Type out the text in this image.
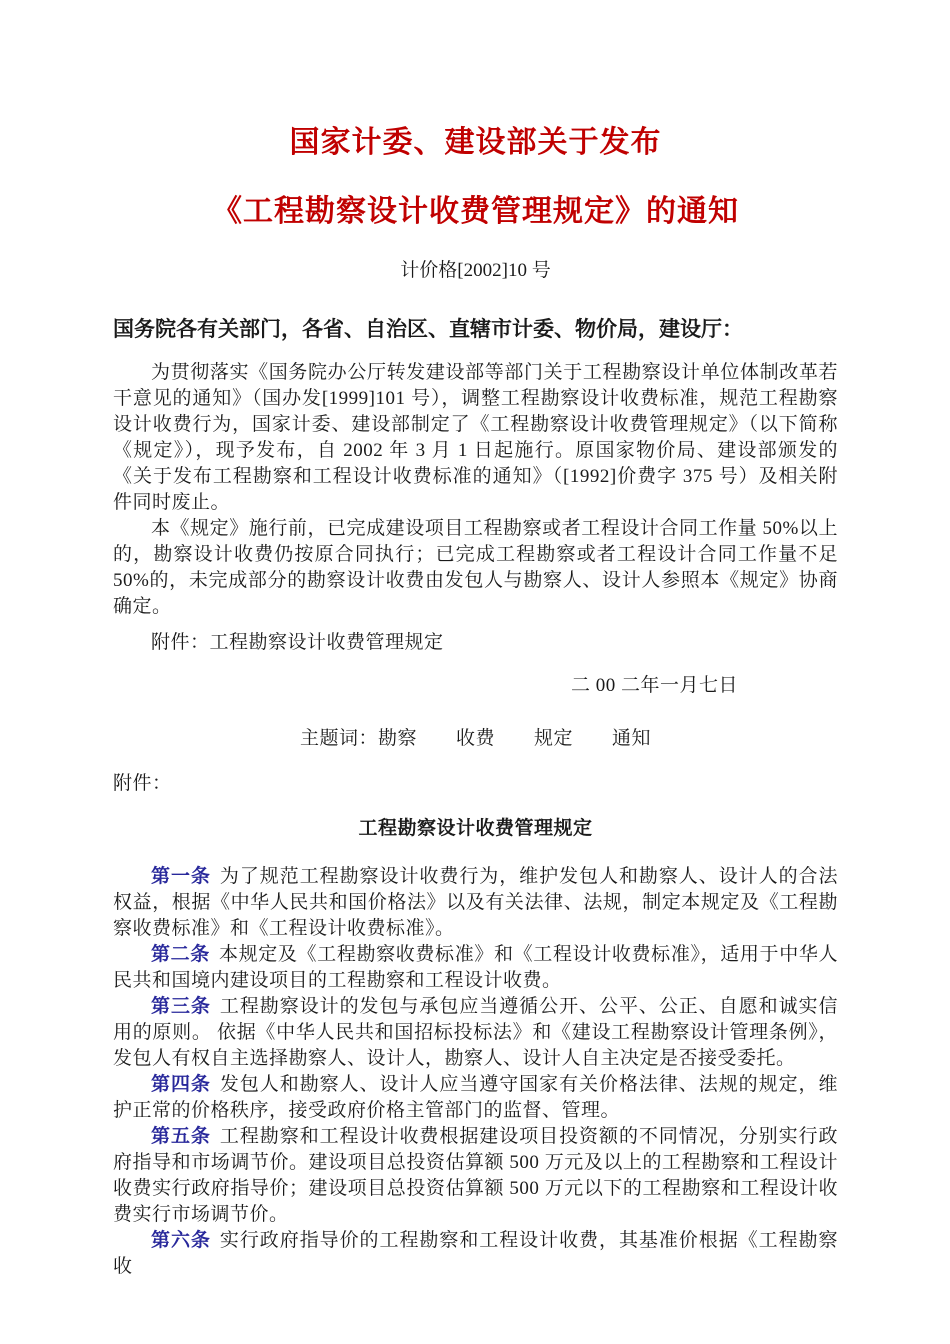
国家计委、建设部关于发布
《工程勘察设计收费管理规定》的通知
计价格[2002]10 号
国务院各有关部门，各省、自治区、直辖市计委、物价局，建设厅：

为贯彻落实《国务院办公厅转发建设部等部门关于工程勘察设计单位体制改革若干意见的通知》（国办发[1999]101 号），调整工程勘察设计收费标准，规范工程勘察设计收费行为，国家计委、建设部制定了《工程勘察设计收费管理规定》（以下简称《规定》），现予发布，自 2002 年 3 月 1 日起施行。原国家物价局、建设部颁发的《关于发布工程勘察和工程设计收费标准的通知》（[1992]价费字 375 号）及相关附件同时废止。

本《规定》施行前，已完成建设项目工程勘察或者工程设计合同工作量 50%以上的，勘察设计收费仍按原合同执行；已完成工程勘察或者工程设计合同工作量不足 50%的，未完成部分的勘察设计收费由发包人与勘察人、设计人参照本《规定》协商确定。

附件：工程勘察设计收费管理规定

二 00 二年一月七日
主题词：勘察　　收费　　规定　　通知
附件：
工程勘察设计收费管理规定

第一条 为了规范工程勘察设计收费行为，维护发包人和勘察人、设计人的合法权益，根据《中华人民共和国价格法》以及有关法律、法规，制定本规定及《工程勘察收费标准》和《工程设计收费标准》。

第二条 本规定及《工程勘察收费标准》和《工程设计收费标准》，适用于中华人民共和国境内建设项目的工程勘察和工程设计收费。

第三条 工程勘察设计的发包与承包应当遵循公开、公平、公正、自愿和诚实信用的原则。 依据《中华人民共和国招标投标法》和《建设工程勘察设计管理条例》，发包人有权自主选择勘察人、设计人，勘察人、设计人自主决定是否接受委托。

第四条 发包人和勘察人、设计人应当遵守国家有关价格法律、法规的规定，维护正常的价格秩序，接受政府价格主管部门的监督、管理。

第五条 工程勘察和工程设计收费根据建设项目投资额的不同情况，分别实行政府指导和市场调节价。建设项目总投资估算额 500 万元及以上的工程勘察和工程设计收费实行政府指导价；建设项目总投资估算额 500 万元以下的工程勘察和工程设计收费实行市场调节价。

第六条 实行政府指导价的工程勘察和工程设计收费，其基准价根据《工程勘察收
